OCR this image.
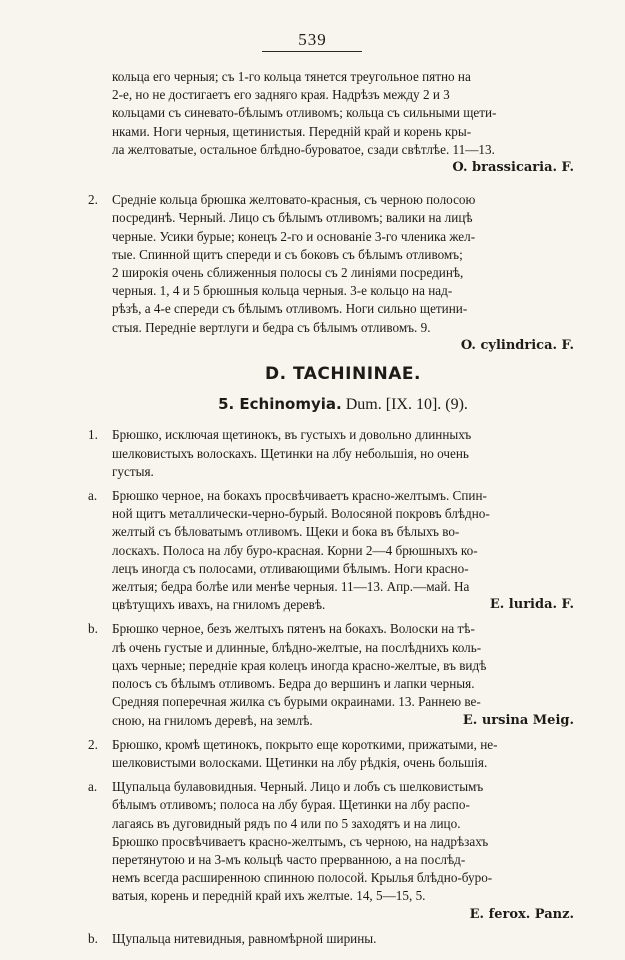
539
кольца его черныя; съ 1-го кольца тянется треугольное пятно на
2-е, но не достигаетъ его задняго края. Надрѣзъ между 2 и 3
кольцами съ синевато-бѣлымъ отливомъ; кольца съ сильными щети-
нками. Ноги черныя, щетинистыя. Передній край и корень кры-
ла желтоватые, остальное блѣдно-буроватое, сзади свѣтлѣе. 11—13.
O. brassicaria. F.
2. Средніе кольца брюшка желтовато-красныя, съ черною полосою
посрединѣ. Черный. Лицо съ бѣлымъ отливомъ; валики на лицѣ
черные. Усики бурые; конецъ 2-го и основаніе 3-го членика жел-
тые. Спинной щитъ спереди и съ боковъ съ бѣлымъ отливомъ;
2 широкія очень сближенныя полосы съ 2 линіями посрединѣ,
черныя. 1, 4 и 5 брюшныя кольца черныя. 3-е кольцо на над-
рѣзѣ, а 4-е спереди съ бѣлымъ отливомъ. Ноги сильно щетини-
стыя. Передніе вертлуги и бедра съ бѣлымъ отливомъ. 9.
O. cylindrica. F.
D. TACHININAE.
5. Echinomyia. Dum. [IX. 10]. (9).
1. Брюшко, исключая щетинокъ, въ густыхъ и довольно длинныхъ
шелковистыхъ волоскахъ. Щетинки на лбу небольшія, но очень
густыя.
a. Брюшко черное, на бокахъ просвѣчиваетъ красно-желтымъ. Спин-
ной щитъ металлически-черно-бурый. Волосяной покровъ блѣдно-
желтый съ бѣловатымъ отливомъ. Щеки и бока въ бѣлыхъ во-
лоскахъ. Полоса на лбу буро-красная. Корни 2—4 брюшныхъ ко-
лецъ иногда съ полосами, отливающими бѣлымъ. Ноги красно-
желтыя; бедра болѣе или менѣе черныя. 11—13. Апр.—май. На
цвѣтущихъ ивахъ, на гниломъ деревѣ.	E. lurida. F.
b. Брюшко черное, безъ желтыхъ пятенъ на бокахъ. Волоски на тѣ-
лѣ очень густые и длинные, блѣдно-желтые, на послѣднихъ коль-
цахъ черные; передніе края колецъ иногда красно-желтые, въ видѣ
полосъ съ бѣлымъ отливомъ. Бедра до вершинъ и лапки черныя.
Средняя поперечная жилка съ бурыми окраинами. 13. Раннею ве-
сною, на гниломъ деревѣ, на землѣ.	E. ursina Meig.
2. Брюшко, кромѣ щетинокъ, покрыто еще короткими, прижатыми, не-
шелковистыми волосками. Щетинки на лбу рѣдкія, очень большія.
a. Щупальца булавовидныя. Черный. Лицо и лобъ съ шелковистымъ
бѣлымъ отливомъ; полоса на лбу бурая. Щетинки на лбу распо-
лагаясь въ дуговидный рядъ по 4 или по 5 заходятъ и на лицо.
Брюшко просвѣчиваетъ красно-желтымъ, съ черною, на надрѣзахъ
перетянутою и на 3-мъ кольцѣ часто прерванною, а на послѣд-
немъ всегда расширенною спинною полосой. Крылья блѣдно-буро-
ватыя, корень и передній край ихъ желтые. 14, 5—15, 5.
E. ferox. Panz.
b. Щупальца нитевидныя, равномѣрной ширины.
